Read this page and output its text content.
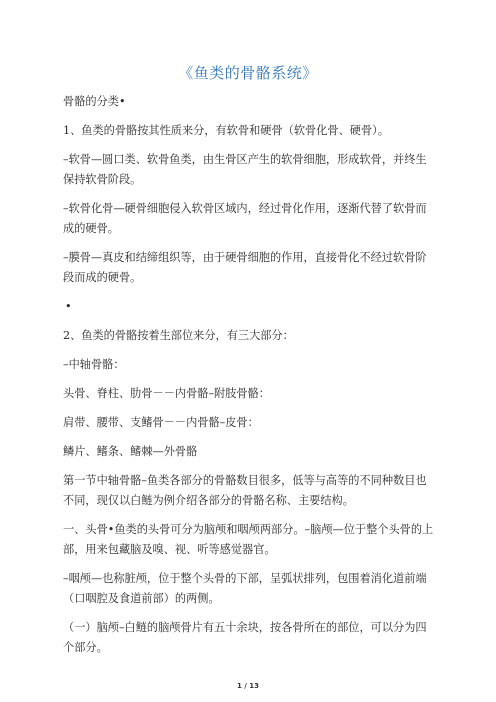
《鱼类的骨骼系统》

骨骼的分类•

1、鱼类的骨骼按其性质来分，有软骨和硬骨（软骨化骨、硬骨）。

–软骨—圆口类、软骨鱼类，由生骨区产生的软骨细胞，形成软骨，并终生保持软骨阶段。

–软骨化骨—硬骨细胞侵入软骨区域内，经过骨化作用，逐渐代替了软骨而成的硬骨。

–膜骨—真皮和结缔组织等，由于硬骨细胞的作用，直接骨化不经过软骨阶段而成的硬骨。

•

2、鱼类的骨骼按着生部位来分，有三大部分：

–中轴骨骼：

头骨、脊柱、肋骨－－内骨骼–附肢骨骼：

肩带、腰带、支鳍骨－－内骨骼–皮骨：

鳞片、鳍条、鳍棘—外骨骼

第一节中轴骨骼–鱼类各部分的骨骼数目很多，低等与高等的不同种数目也不同，现仅以白鲢为例介绍各部分的骨骼名称、主要结构。

一、头骨•鱼类的头骨可分为脑颅和咽颅两部分。–脑颅—位于整个头骨的上部，用来包藏脑及嗅、视、听等感觉器官。

–咽颅—也称脏颅，位于整个头骨的下部，呈弧状排列，包围着消化道前端（口咽腔及食道前部）的两侧。

（一）脑颅–白鲢的脑颅骨片有五十余块，按各骨所在的部位，可以分为四个部分。

1 / 13
